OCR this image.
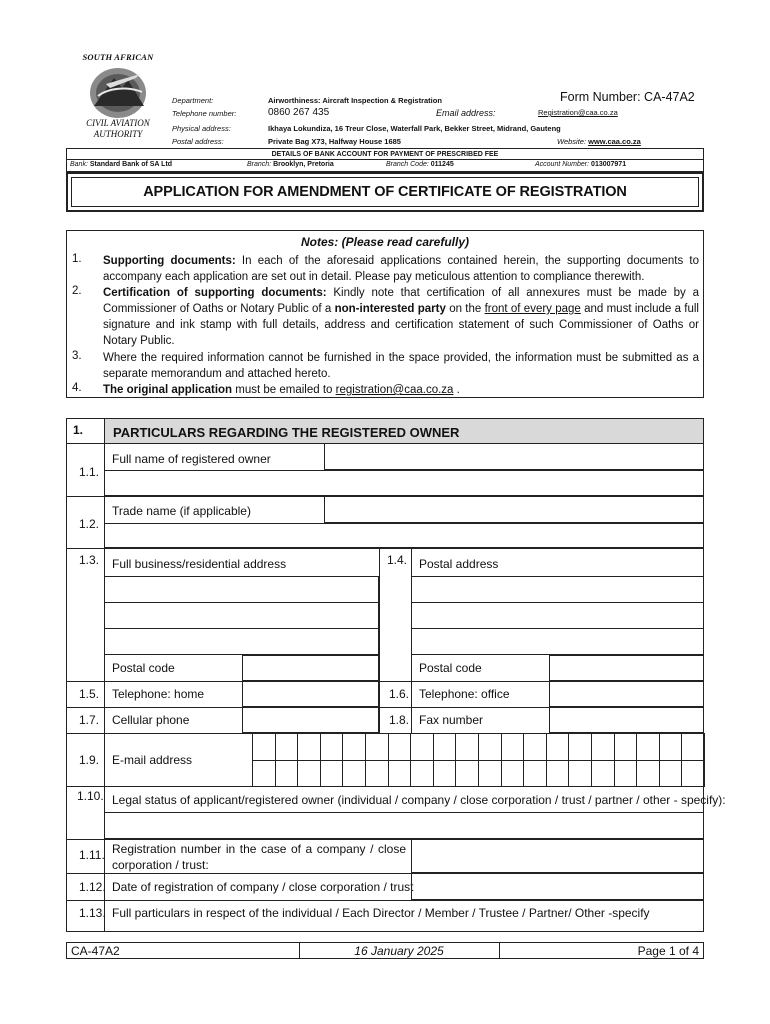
SOUTH AFRICAN
CIVIL AVIATION
AUTHORITY
Department:	Airworthiness: Aircraft Inspection & Registration	Form Number: CA-47A2
Telephone number:	0860 267 435	Email address:	Registration@caa.co.za
Physical address:	Ikhaya Lokundiza, 16 Treur Close, Waterfall Park, Bekker Street, Midrand, Gauteng
Postal address:	Private Bag X73, Halfway House 1685	Website: www.caa.co.za
DETAILS OF BANK ACCOUNT FOR PAYMENT OF PRESCRIBED FEE
Bank: Standard Bank of SA Ltd	Branch: Brooklyn, Pretoria	Branch Code: 011245	Account Number: 013007971
APPLICATION FOR AMENDMENT OF CERTIFICATE OF REGISTRATION
Notes: (Please read carefully)
1. Supporting documents: In each of the aforesaid applications contained herein, the supporting documents to accompany each application are set out in detail. Please pay meticulous attention to compliance therewith.
2. Certification of supporting documents: Kindly note that certification of all annexures must be made by a Commissioner of Oaths or Notary Public of a non-interested party on the front of every page and must include a full signature and ink stamp with full details, address and certification statement of such Commissioner of Oaths or Notary Public.
3. Where the required information cannot be furnished in the space provided, the information must be submitted as a separate memorandum and attached hereto.
4. The original application must be emailed to registration@caa.co.za .
1. PARTICULARS REGARDING THE REGISTERED OWNER
1.1.
Full name of registered owner
1.2.
Trade name (if applicable)
1.3. Full business/residential address	1.4. Postal address
Postal code	Postal code
1.5. Telephone: home	1.6. Telephone: office
1.7. Cellular phone	1.8. Fax number
1.9. E-mail address
1.10. Legal status of applicant/registered owner (individual / company / close corporation / trust / partner / other - specify):
1.11. Registration number in the case of a company / close corporation / trust:
1.12. Date of registration of company / close corporation / trust
1.13. Full particulars in respect of the individual / Each Director / Member / Trustee / Partner/ Other -specify
CA-47A2	16 January 2025	Page 1 of 4
